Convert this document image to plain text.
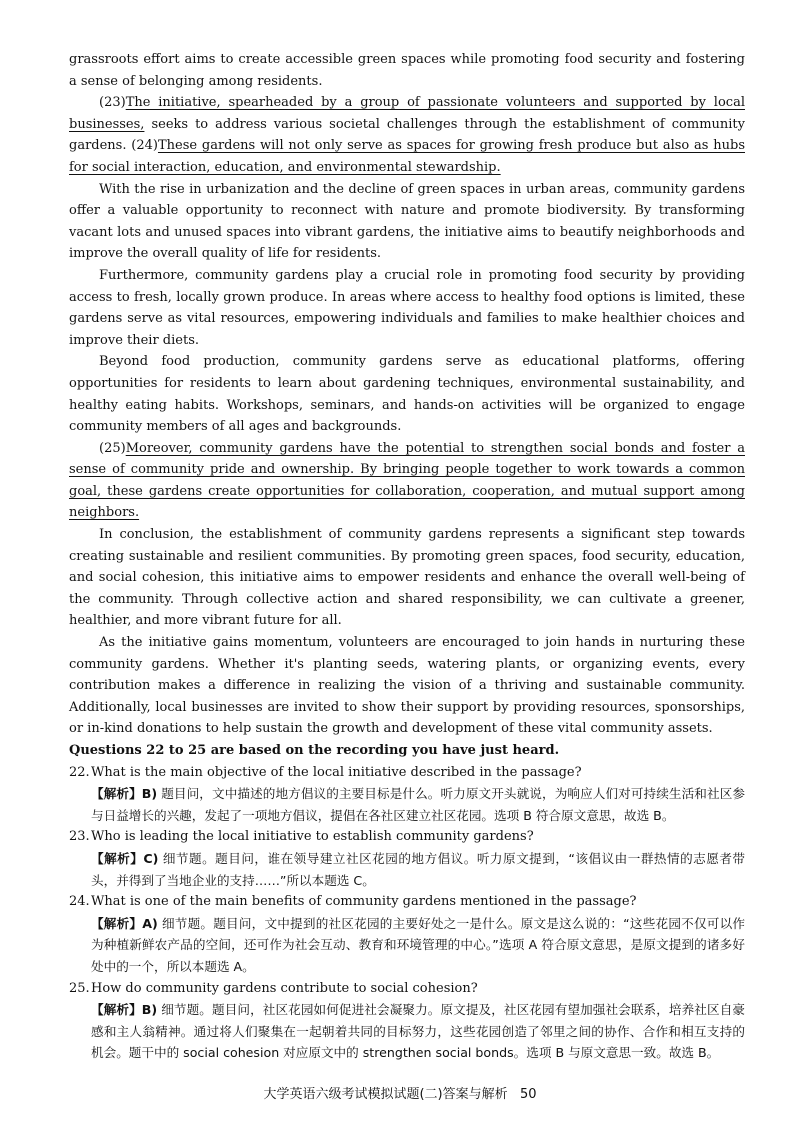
grassroots effort aims to create accessible green spaces while promoting food security and fostering a sense of belonging among residents.

(23)The initiative, spearheaded by a group of passionate volunteers and supported by local businesses, seeks to address various societal challenges through the establishment of community gardens. (24)These gardens will not only serve as spaces for growing fresh produce but also as hubs for social interaction, education, and environmental stewardship.

With the rise in urbanization and the decline of green spaces in urban areas, community gardens offer a valuable opportunity to reconnect with nature and promote biodiversity. By transforming vacant lots and unused spaces into vibrant gardens, the initiative aims to beautify neighborhoods and improve the overall quality of life for residents.

Furthermore, community gardens play a crucial role in promoting food security by providing access to fresh, locally grown produce. In areas where access to healthy food options is limited, these gardens serve as vital resources, empowering individuals and families to make healthier choices and improve their diets.

Beyond food production, community gardens serve as educational platforms, offering opportunities for residents to learn about gardening techniques, environmental sustainability, and healthy eating habits. Workshops, seminars, and hands-on activities will be organized to engage community members of all ages and backgrounds.

(25)Moreover, community gardens have the potential to strengthen social bonds and foster a sense of community pride and ownership. By bringing people together to work towards a common goal, these gardens create opportunities for collaboration, cooperation, and mutual support among neighbors.

In conclusion, the establishment of community gardens represents a significant step towards creating sustainable and resilient communities. By promoting green spaces, food security, education, and social cohesion, this initiative aims to empower residents and enhance the overall well-being of the community. Through collective action and shared responsibility, we can cultivate a greener, healthier, and more vibrant future for all.

As the initiative gains momentum, volunteers are encouraged to join hands in nurturing these community gardens. Whether it's planting seeds, watering plants, or organizing events, every contribution makes a difference in realizing the vision of a thriving and sustainable community. Additionally, local businesses are invited to show their support by providing resources, sponsorships, or in-kind donations to help sustain the growth and development of these vital community assets.

Questions 22 to 25 are based on the recording you have just heard.

22.What is the main objective of the local initiative described in the passage?

【解析】B) 题目问，文中描述的地方倡议的主要目标是什么。听力原文开头就说，为响应人们对可持续生活和社区参与日益增长的兴趣，发起了一项地方倡议，提倡在各社区建立社区花园。选项 B 符合原文意思，故选 B。

23.Who is leading the local initiative to establish community gardens?

【解析】C) 细节题。题目问，谁在领导建立社区花园的地方倡议。听力原文提到，“该倡议由一群热情的志愿者带头，并得到了当地企业的支持……”所以本题选 C。

24.What is one of the main benefits of community gardens mentioned in the passage?

【解析】A) 细节题。题目问，文中提到的社区花园的主要好处之一是什么。原文是这么说的：“这些花园不仅可以作为种植新鲜农产品的空间，还可作为社会互动、教育和环境管理的中心。”选项 A 符合原文意思，是原文提到的诸多好处中的一个，所以本题选 A。

25.How do community gardens contribute to social cohesion?

【解析】B) 细节题。题目问，社区花园如何促进社会凝聚力。原文提及，社区花园有望加强社会联系，培养社区自豪感和主人翁精神。通过将人们聚集在一起朝着共同的目标努力，这些花园创造了邻里之间的协作、合作和相互支持的机会。题干中的 social cohesion 对应原文中的 strengthen social bonds。选项 B 与原文意思一致。故选 B。

大学英语六级考试模拟试题(二)答案与解析 50
